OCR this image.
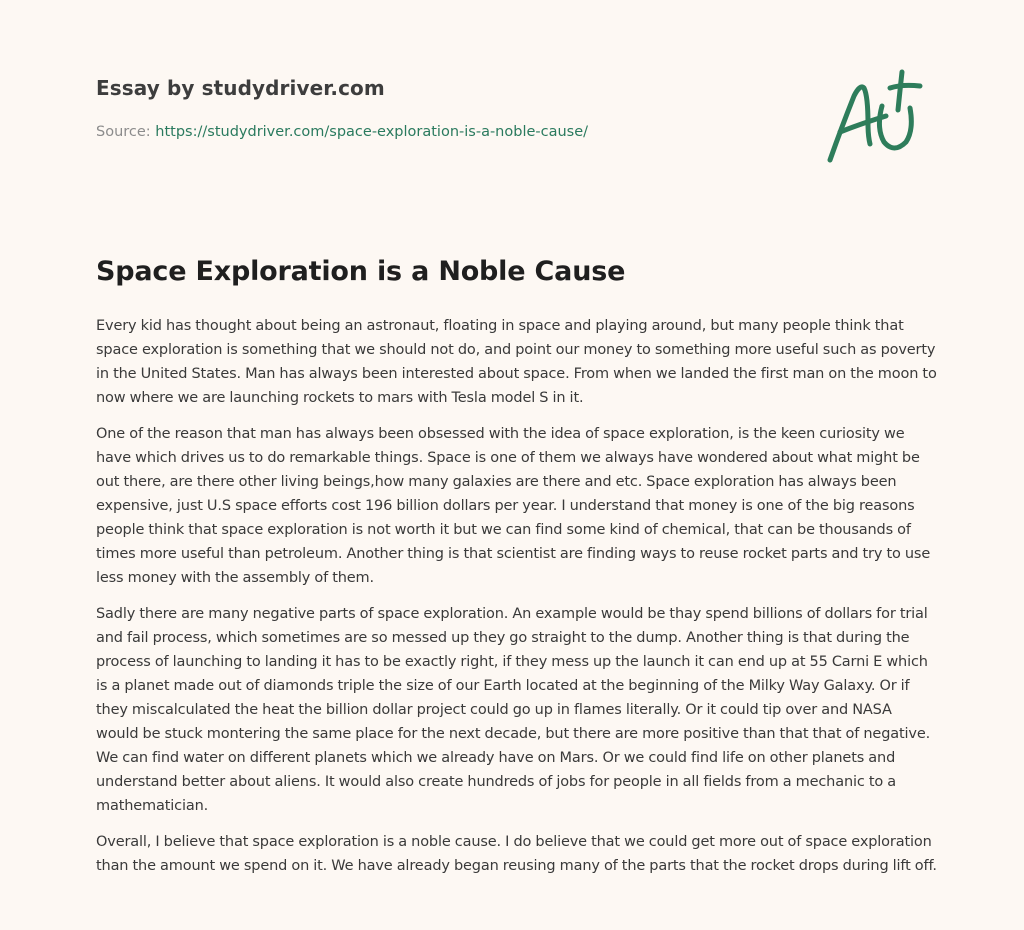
Essay by studydriver.com
Source: https://studydriver.com/space-exploration-is-a-noble-cause/
Space Exploration is a Noble Cause

Every kid has thought about being an astronaut, floating in space and playing around, but many people think that space exploration is something that we should not do, and point our money to something more useful such as poverty in the United States. Man has always been interested about space. From when we landed the first man on the moon to now where we are launching rockets to mars with Tesla model S in it.

One of the reason that man has always been obsessed with the idea of space exploration, is the keen curiosity we have which drives us to do remarkable things. Space is one of them we always have wondered about what might be out there, are there other living beings,how many galaxies are there and etc. Space exploration has always been expensive, just U.S space efforts cost 196 billion dollars per year. I understand that money is one of the big reasons people think that space exploration is not worth it but we can find some kind of chemical, that can be thousands of times more useful than petroleum. Another thing is that scientist are finding ways to reuse rocket parts and try to use less money with the assembly of them.

Sadly there are many negative parts of space exploration. An example would be thay spend billions of dollars for trial and fail process, which sometimes are so messed up they go straight to the dump. Another thing is that during the process of launching to landing it has to be exactly right, if they mess up the launch it can end up at 55 Carni E which is a planet made out of diamonds triple the size of our Earth located at the beginning of the Milky Way Galaxy. Or if they miscalculated the heat the billion dollar project could go up in flames literally. Or it could tip over and NASA would be stuck montering the same place for the next decade, but there are more positive than that that of negative. We can find water on different planets which we already have on Mars. Or we could find life on other planets and understand better about aliens. It would also create hundreds of jobs for people in all fields from a mechanic to a mathematician.

Overall, I believe that space exploration is a noble cause. I do believe that we could get more out of space exploration than the amount we spend on it. We have already began reusing many of the parts that the rocket drops during lift off.
